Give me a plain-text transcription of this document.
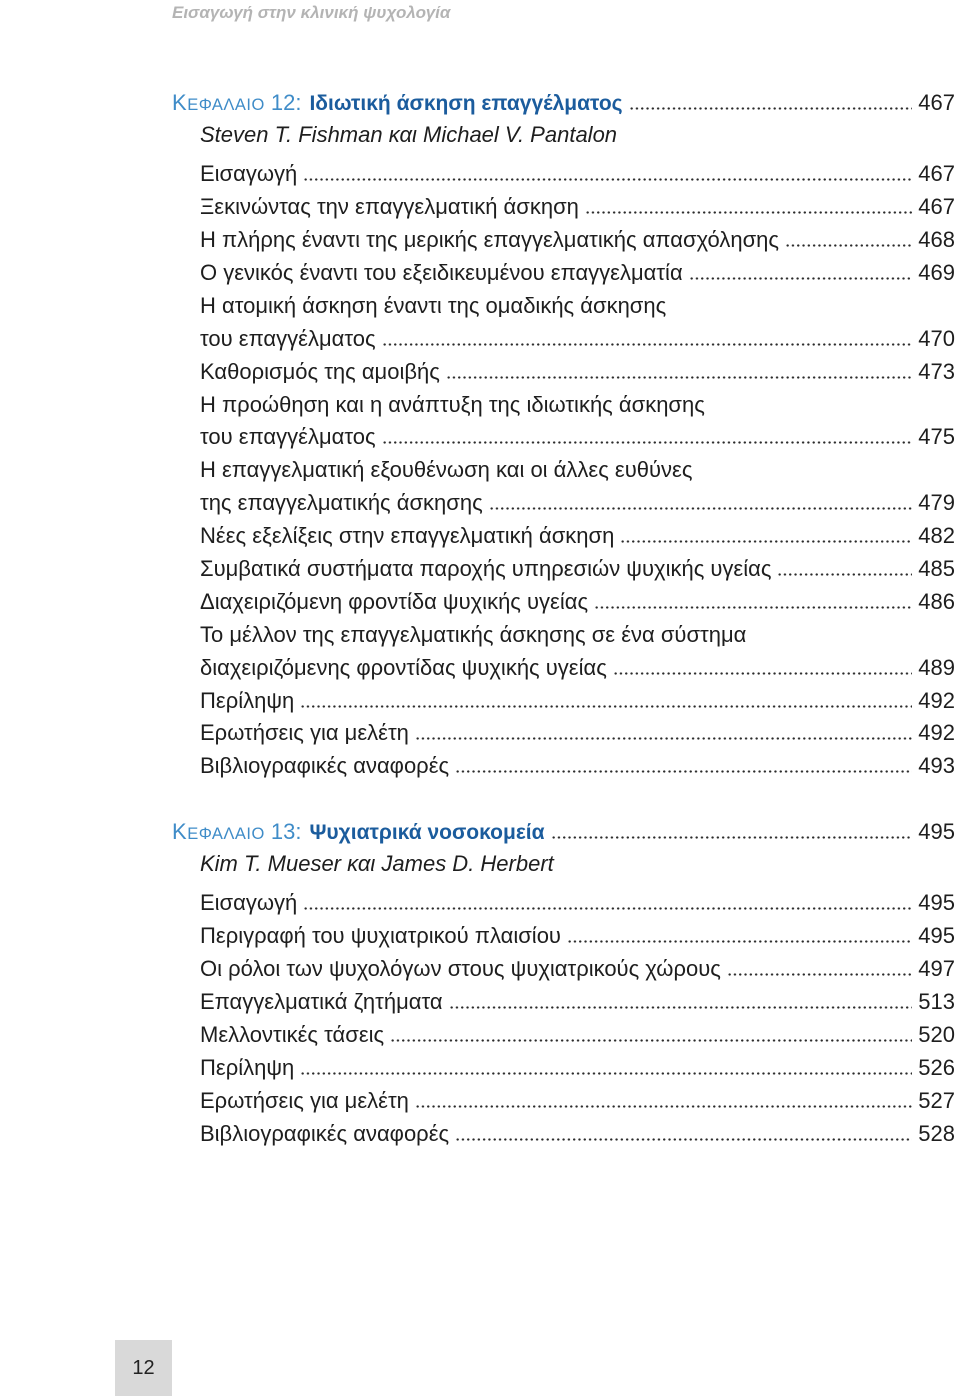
Εισαγωγή στην κλινική ψυχολογία
ΚΕΦΑΛΑΙΟ 12: Ιδιωτική άσκηση επαγγέλματος	467
Steven T. Fishman και Michael V. Pantalon
Εισαγωγή	467
Ξεκινώντας την επαγγελματική άσκηση	467
Η πλήρης έναντι της μερικής επαγγελματικής απασχόλησης	468
Ο γενικός έναντι του εξειδικευμένου επαγγελματία	469
Η ατομική άσκηση έναντι της ομαδικής άσκησης
του επαγγέλματος	470
Καθορισμός της αμοιβής	473
Η προώθηση και η ανάπτυξη της ιδιωτικής άσκησης
του επαγγέλματος	475
Η επαγγελματική εξουθένωση και οι άλλες ευθύνες
της επαγγελματικής άσκησης	479
Νέες εξελίξεις στην επαγγελματική άσκηση	482
Συμβατικά συστήματα παροχής υπηρεσιών ψυχικής υγείας	485
Διαχειριζόμενη φροντίδα ψυχικής υγείας	486
Το μέλλον της επαγγελματικής άσκησης σε ένα σύστημα
διαχειριζόμενης φροντίδας ψυχικής υγείας	489
Περίληψη	492
Ερωτήσεις για μελέτη	492
Βιβλιογραφικές αναφορές	493
ΚΕΦΑΛΑΙΟ 13: Ψυχιατρικά νοσοκομεία	495
Kim T. Mueser και James D. Herbert
Εισαγωγή	495
Περιγραφή του ψυχιατρικού πλαισίου	495
Οι ρόλοι των ψυχολόγων στους ψυχιατρικούς χώρους	497
Επαγγελματικά ζητήματα	513
Μελλοντικές τάσεις	520
Περίληψη	526
Ερωτήσεις για μελέτη	527
Βιβλιογραφικές αναφορές	528
12
